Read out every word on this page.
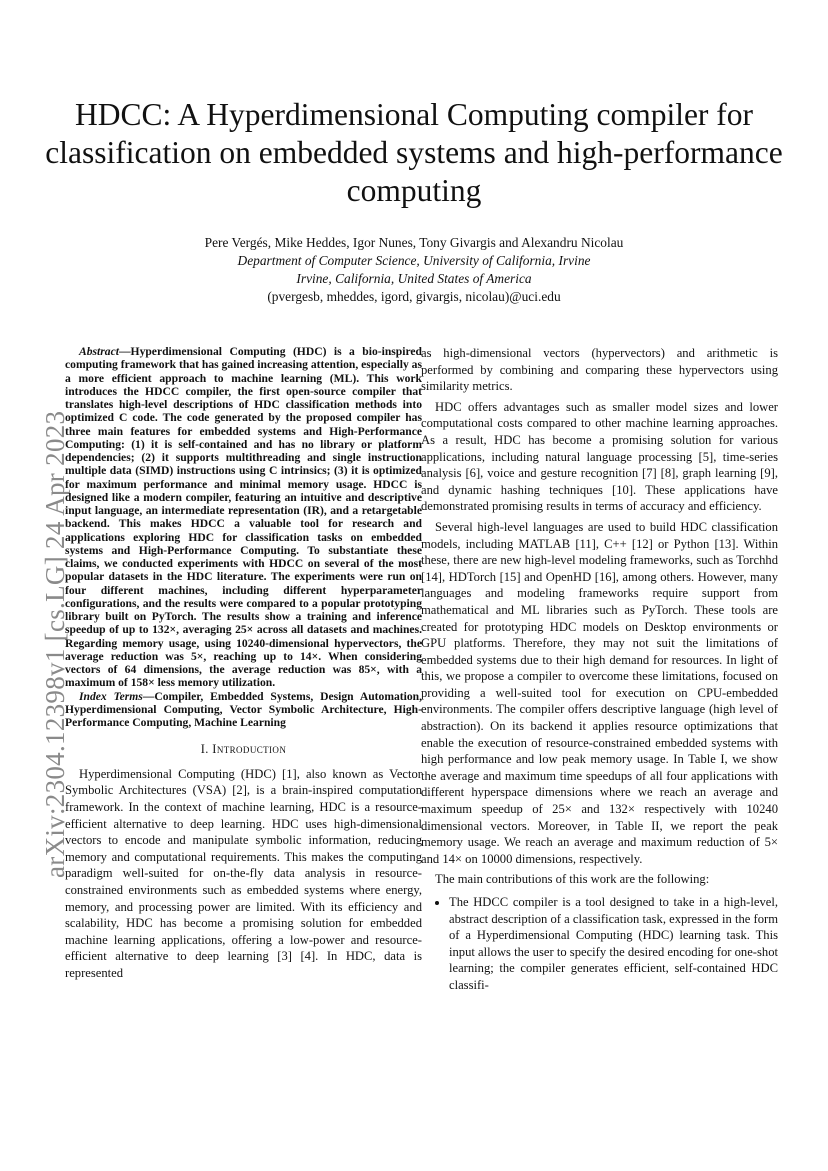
arXiv:2304.12398v1 [cs.LG] 24 Apr 2023
HDCC: A Hyperdimensional Computing compiler for classification on embedded systems and high-performance computing
Pere Vergés, Mike Heddes, Igor Nunes, Tony Givargis and Alexandru Nicolau
Department of Computer Science, University of California, Irvine
Irvine, California, United States of America
(pvergesb, mheddes, igord, givargis, nicolau)@uci.edu

Abstract—Hyperdimensional Computing (HDC) is a bio-inspired computing framework that has gained increasing attention, especially as a more efficient approach to machine learning (ML). This work introduces the HDCC compiler, the first open-source compiler that translates high-level descriptions of HDC classification methods into optimized C code. The code generated by the proposed compiler has three main features for embedded systems and High-Performance Computing: (1) it is self-contained and has no library or platform dependencies; (2) it supports multithreading and single instruction multiple data (SIMD) instructions using C intrinsics; (3) it is optimized for maximum performance and minimal memory usage. HDCC is designed like a modern compiler, featuring an intuitive and descriptive input language, an intermediate representation (IR), and a retargetable backend. This makes HDCC a valuable tool for research and applications exploring HDC for classification tasks on embedded systems and High-Performance Computing. To substantiate these claims, we conducted experiments with HDCC on several of the most popular datasets in the HDC literature. The experiments were run on four different machines, including different hyperparameter configurations, and the results were compared to a popular prototyping library built on PyTorch. The results show a training and inference speedup of up to 132×, averaging 25× across all datasets and machines. Regarding memory usage, using 10240-dimensional hypervectors, the average reduction was 5×, reaching up to 14×. When considering vectors of 64 dimensions, the average reduction was 85×, with a maximum of 158× less memory utilization.

Index Terms—Compiler, Embedded Systems, Design Automation, Hyperdimensional Computing, Vector Symbolic Architecture, High-Performance Computing, Machine Learning

I. Introduction

Hyperdimensional Computing (HDC) [1], also known as Vector Symbolic Architectures (VSA) [2], is a brain-inspired computation framework. In the context of machine learning, HDC is a resource-efficient alternative to deep learning. HDC uses high-dimensional vectors to encode and manipulate symbolic information, reducing memory and computational requirements. This makes the computing paradigm well-suited for on-the-fly data analysis in resource-constrained environments such as embedded systems where energy, memory, and processing power are limited. With its efficiency and scalability, HDC has become a promising solution for embedded machine learning applications, offering a low-power and resource-efficient alternative to deep learning [3] [4]. In HDC, data is represented

as high-dimensional vectors (hypervectors) and arithmetic is performed by combining and comparing these hypervectors using similarity metrics.

HDC offers advantages such as smaller model sizes and lower computational costs compared to other machine learning approaches. As a result, HDC has become a promising solution for various applications, including natural language processing [5], time-series analysis [6], voice and gesture recognition [7] [8], graph learning [9], and dynamic hashing techniques [10]. These applications have demonstrated promising results in terms of accuracy and efficiency.

Several high-level languages are used to build HDC classification models, including MATLAB [11], C++ [12] or Python [13]. Within these, there are new high-level modeling frameworks, such as Torchhd [14], HDTorch [15] and OpenHD [16], among others. However, many languages and modeling frameworks require support from mathematical and ML libraries such as PyTorch. These tools are created for prototyping HDC models on Desktop environments or GPU platforms. Therefore, they may not suit the limitations of embedded systems due to their high demand for resources. In light of this, we propose a compiler to overcome these limitations, focused on providing a well-suited tool for execution on CPU-embedded environments. The compiler offers descriptive language (high level of abstraction). On its backend it applies resource optimizations that enable the execution of resource-constrained embedded systems with high performance and low peak memory usage. In Table I, we show the average and maximum time speedups of all four applications with different hyperspace dimensions where we reach an average and maximum speedup of 25× and 132× respectively with 10240 dimensional vectors. Moreover, in Table II, we report the peak memory usage. We reach an average and maximum reduction of 5× and 14× on 10000 dimensions, respectively.

The main contributions of this work are the following:

• The HDCC compiler is a tool designed to take in a high-level, abstract description of a classification task, expressed in the form of a Hyperdimensional Computing (HDC) learning task. This input allows the user to specify the desired encoding for one-shot learning; the compiler generates efficient, self-contained HDC classifi-
